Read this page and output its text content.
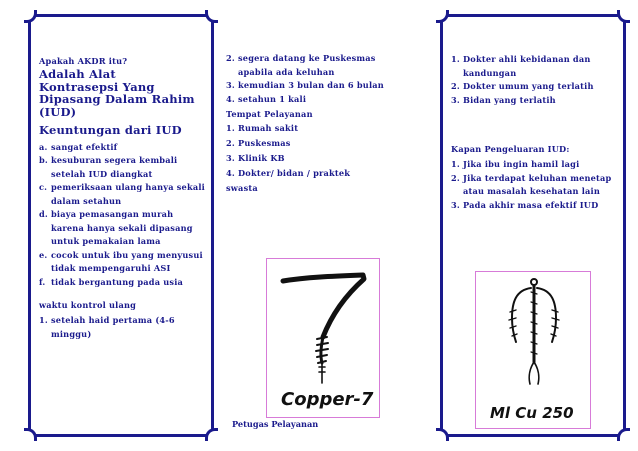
Apakah AKDR itu?
Adalah Alat Kontrasepsi Yang Dipasang Dalam Rahim (IUD)
Keuntungan dari IUD
a. sangat efektif
b. kesuburan segera kembali setelah IUD diangkat
c. pemeriksaan ulang hanya sekali dalam setahun
d. biaya pemasangan murah karena hanya sekali dipasang untuk pemakaian lama
e. cocok untuk ibu yang menyusui tidak mempengaruhi ASI
f. tidak bergantung pada usia
waktu kontrol ulang
1. setelah haid pertama (4-6 minggu)
2. segera datang ke Puskesmas apabila ada keluhan
3. kemudian 3 bulan dan 6 bulan
4. setahun 1 kali
Tempat Pelayanan
1. Rumah sakit
2. Puskesmas
3. Klinik KB
4. Dokter/ bidan / praktek swasta
Copper-7
Petugas Pelayanan
1. Dokter ahli kebidanan dan kandungan
2. Dokter umum yang terlatih
3. Bidan yang terlatih
Kapan Pengeluaran IUD:
1. Jika ibu ingin hamil lagi
2. Jika terdapat keluhan menetap atau masalah kesehatan lain
3. Pada akhir masa efektif IUD
Ml Cu 250
